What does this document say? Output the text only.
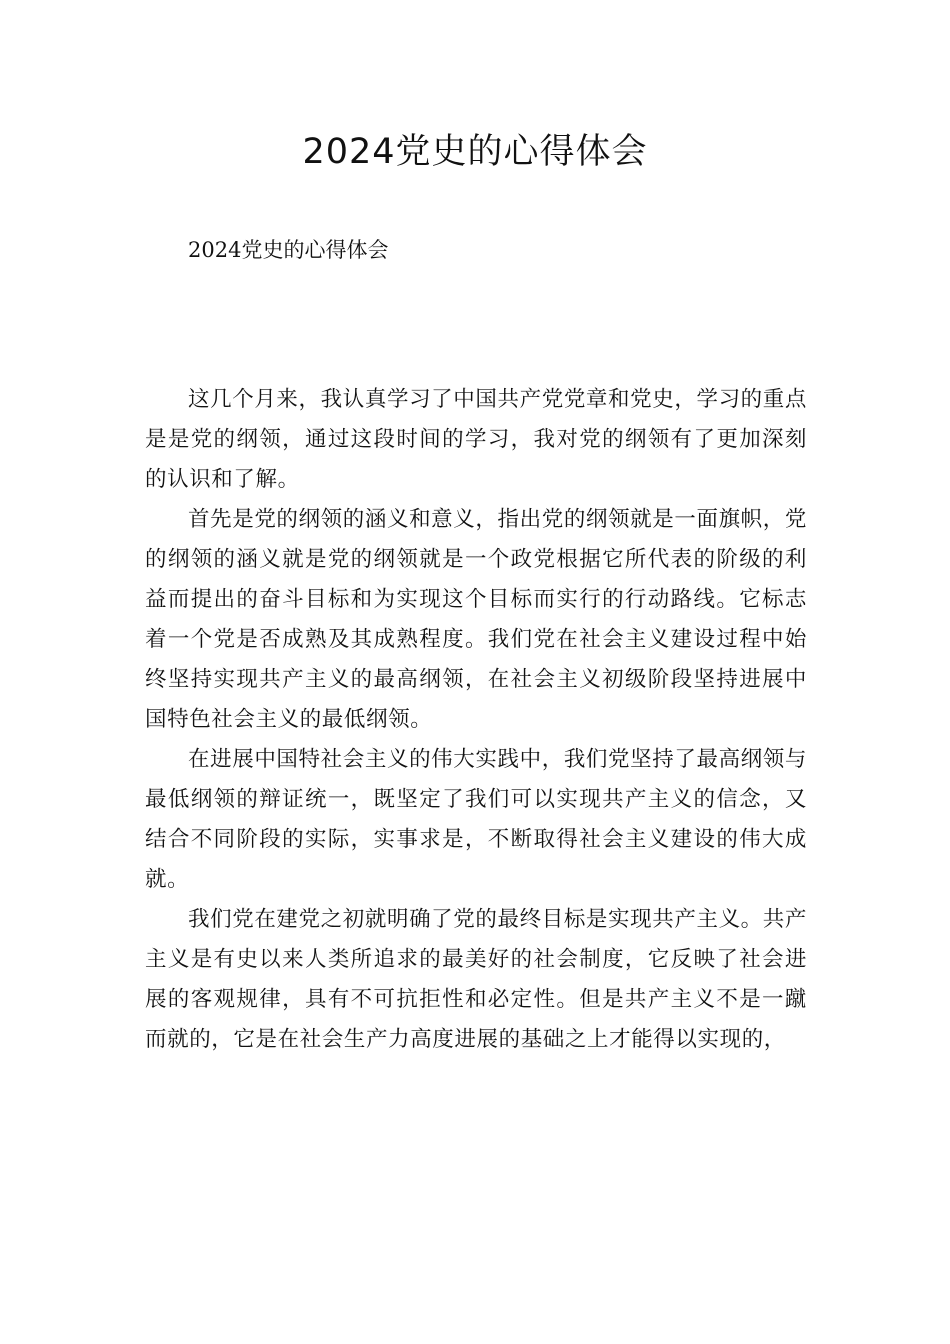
2024党史的心得体会

2024党史的心得体会

这几个月来，我认真学习了中国共产党党章和党史，学习的重点是是党的纲领，通过这段时间的学习，我对党的纲领有了更加深刻的认识和了解。

首先是党的纲领的涵义和意义，指出党的纲领就是一面旗帜，党的纲领的涵义就是党的纲领就是一个政党根据它所代表的阶级的利益而提出的奋斗目标和为实现这个目标而实行的行动路线。它标志着一个党是否成熟及其成熟程度。我们党在社会主义建设过程中始终坚持实现共产主义的最高纲领，在社会主义初级阶段坚持进展中国特色社会主义的最低纲领。

在进展中国特社会主义的伟大实践中，我们党坚持了最高纲领与最低纲领的辩证统一，既坚定了我们可以实现共产主义的信念，又结合不同阶段的实际，实事求是，不断取得社会主义建设的伟大成就。

我们党在建党之初就明确了党的最终目标是实现共产主义。共产主义是有史以来人类所追求的最美好的社会制度，它反映了社会进展的客观规律，具有不可抗拒性和必定性。但是共产主义不是一蹴而就的，它是在社会生产力高度进展的基础之上才能得以实现的，
